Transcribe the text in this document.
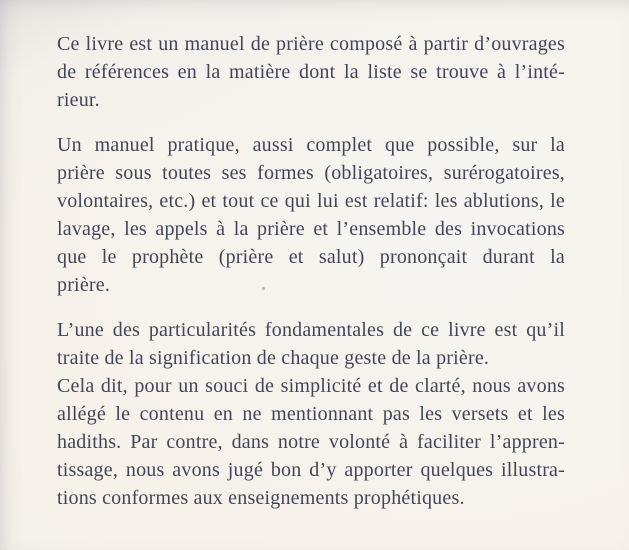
Ce livre est un manuel de prière composé à partir d’ouvrages
de références en la matière dont la liste se trouve à l’inté-
rieur.
Un manuel pratique, aussi complet que possible, sur la
prière sous toutes ses formes (obligatoires, surérogatoires,
volontaires, etc.) et tout ce qui lui est relatif: les ablutions, le
lavage, les appels à la prière et l’ensemble des invocations
que le prophète (prière et salut) prononçait durant la
prière.
L’une des particularités fondamentales de ce livre est qu’il
traite de la signification de chaque geste de la prière.
Cela dit, pour un souci de simplicité et de clarté, nous avons
allégé le contenu en ne mentionnant pas les versets et les
hadiths. Par contre, dans notre volonté à faciliter l’appren-
tissage, nous avons jugé bon d’y apporter quelques illustra-
tions conformes aux enseignements prophétiques.
